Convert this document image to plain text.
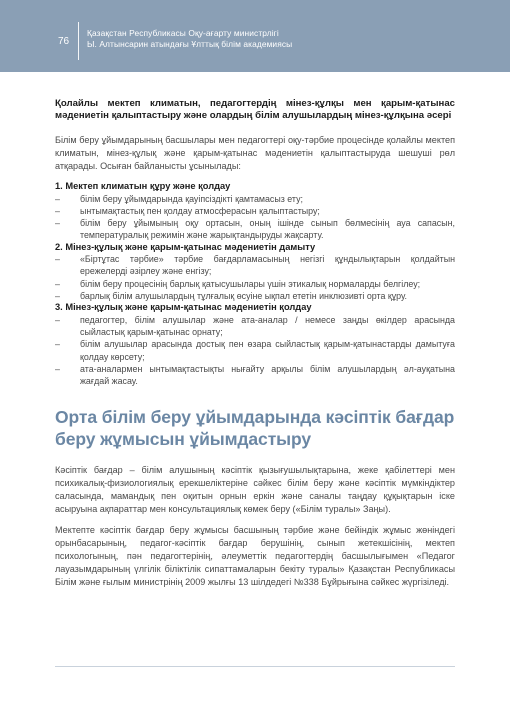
76
Қазақстан Республикасы Оқу-ағарту министрлігі
Ы. Алтынсарин атындағы Ұлттық білім академиясы
Қолайлы мектеп климатын, педагогтердің мінез-құлқы мен қарым-қатынас мәдениетін қалыптастыру және олардың білім алушылардың мінез-құлқына әсері

Білім беру ұйымдарының басшылары мен педагогтері оқу-тәрбие процесінде қолайлы мектеп климатын, мінез-құлық және қарым-қатынас мәдениетін қалыптастыруда шешуші рөл атқарады. Осыған байланысты ұсынылады:

1. Мектеп климатын құру және қолдау

– білім беру ұйымдарында қауіпсіздікті қамтамасыз ету;

– ынтымақтастық пен қолдау атмосферасын қалыптастыру;

– білім беру ұйымының оқу ортасын, оның ішінде сынып бөлмесінің ауа сапасын, температуралық режимін және жарықтандыруды жақсарту.

2. Мінез-құлық және қарым-қатынас мәдениетін дамыту

– «Біртұтас тәрбие» тәрбие бағдарламасының негізгі құндылықтарын қолдайтын ережелерді әзірлеу және енгізу;

– білім беру процесінің барлық қатысушылары үшін этикалық нормаларды белгілеу;

– барлық білім алушылардың тұлғалық өсуіне ықпал ететін инклюзивті орта құру.

3. Мінез-құлық және қарым-қатынас мәдениетін қолдау

– педагогтер, білім алушылар және ата-аналар / немесе заңды өкілдер арасында сыйластық қарым-қатынас орнату;

– білім алушылар арасында достық пен өзара сыйластық қарым-қатынастарды дамытуға қолдау көрсету;

– ата-аналармен ынтымақтастықты нығайту арқылы білім алушылардың әл-ауқатына жағдай жасау.

Орта білім беру ұйымдарында кәсіптік бағдар беру жұмысын ұйымдастыру

Кәсіптік бағдар – білім алушының кәсіптік қызығушылықтарына, жеке қабілеттері мен психикалық-физиологиялық ерекшеліктеріне сәйкес білім беру және кәсіптік мүмкіндіктер саласында, мамандық пен оқитын орнын еркін және саналы таңдау құқықтарын іске асыруына ақпараттар мен консультациялық көмек беру («Білім туралы» Заңы).

Мектепте кәсіптік бағдар беру жұмысы басшының тәрбие және бейіндік жұмыс жөніндегі орынбасарының, педагог-кәсіптік бағдар берушінің, сынып жетекшісінің, мектеп психологының, пән педагогтерінің, әлеуметтік педагогтердің басшылығымен «Педагог лауазымдарының үлгілік біліктілік сипаттамаларын бекіту туралы» Қазақстан Республикасы Білім және ғылым министрінің 2009 жылғы 13 шілдедегі №338 Бұйрығына сәйкес жүргізіледі.
